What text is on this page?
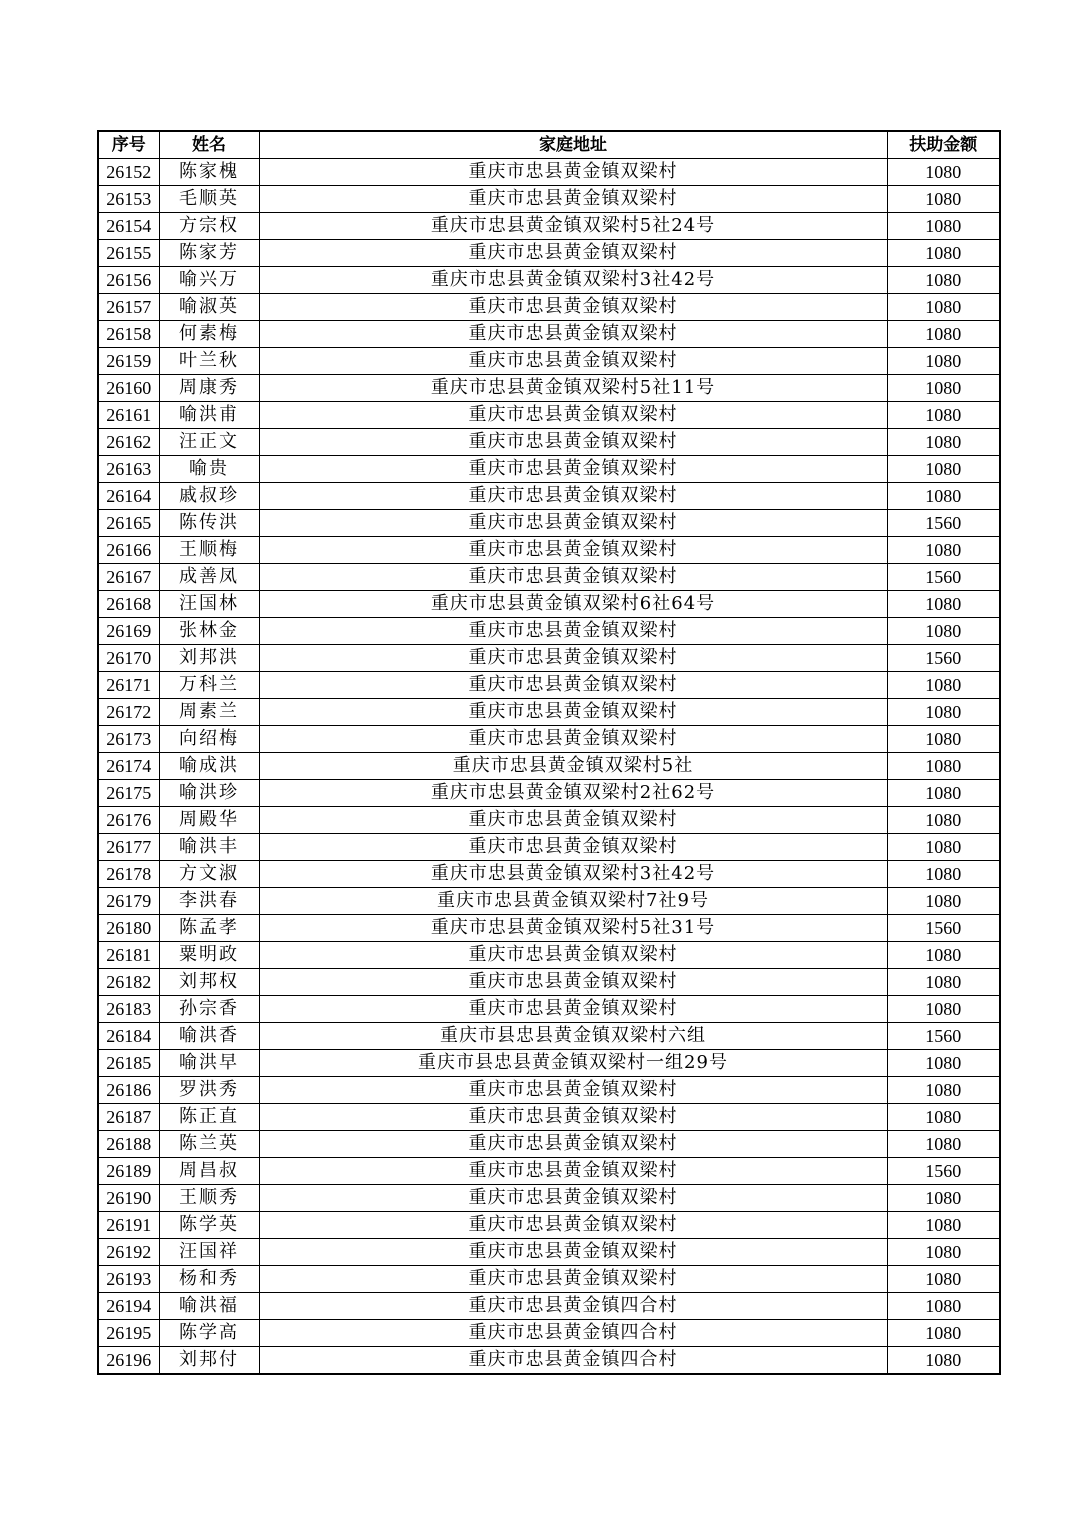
序号	姓名	家庭地址	扶助金额
26152	陈家槐	重庆市忠县黄金镇双梁村	1080
26153	毛顺英	重庆市忠县黄金镇双梁村	1080
26154	方宗权	重庆市忠县黄金镇双梁村5社24号	1080
26155	陈家芳	重庆市忠县黄金镇双梁村	1080
26156	喻兴万	重庆市忠县黄金镇双梁村3社42号	1080
26157	喻淑英	重庆市忠县黄金镇双梁村	1080
26158	何素梅	重庆市忠县黄金镇双梁村	1080
26159	叶兰秋	重庆市忠县黄金镇双梁村	1080
26160	周康秀	重庆市忠县黄金镇双梁村5社11号	1080
26161	喻洪甫	重庆市忠县黄金镇双梁村	1080
26162	汪正文	重庆市忠县黄金镇双梁村	1080
26163	喻贵	重庆市忠县黄金镇双梁村	1080
26164	戚叔珍	重庆市忠县黄金镇双梁村	1080
26165	陈传洪	重庆市忠县黄金镇双梁村	1560
26166	王顺梅	重庆市忠县黄金镇双梁村	1080
26167	成善凤	重庆市忠县黄金镇双梁村	1560
26168	汪国林	重庆市忠县黄金镇双梁村6社64号	1080
26169	张林金	重庆市忠县黄金镇双梁村	1080
26170	刘邦洪	重庆市忠县黄金镇双梁村	1560
26171	万科兰	重庆市忠县黄金镇双梁村	1080
26172	周素兰	重庆市忠县黄金镇双梁村	1080
26173	向绍梅	重庆市忠县黄金镇双梁村	1080
26174	喻成洪	重庆市忠县黄金镇双梁村5社	1080
26175	喻洪珍	重庆市忠县黄金镇双梁村2社62号	1080
26176	周殿华	重庆市忠县黄金镇双梁村	1080
26177	喻洪丰	重庆市忠县黄金镇双梁村	1080
26178	方文淑	重庆市忠县黄金镇双梁村3社42号	1080
26179	李洪春	重庆市忠县黄金镇双梁村7社9号	1080
26180	陈孟孝	重庆市忠县黄金镇双梁村5社31号	1560
26181	粟明政	重庆市忠县黄金镇双梁村	1080
26182	刘邦权	重庆市忠县黄金镇双梁村	1080
26183	孙宗香	重庆市忠县黄金镇双梁村	1080
26184	喻洪香	重庆市县忠县黄金镇双梁村六组	1560
26185	喻洪早	重庆市县忠县黄金镇双梁村一组29号	1080
26186	罗洪秀	重庆市忠县黄金镇双梁村	1080
26187	陈正直	重庆市忠县黄金镇双梁村	1080
26188	陈兰英	重庆市忠县黄金镇双梁村	1080
26189	周昌叔	重庆市忠县黄金镇双梁村	1560
26190	王顺秀	重庆市忠县黄金镇双梁村	1080
26191	陈学英	重庆市忠县黄金镇双梁村	1080
26192	汪国祥	重庆市忠县黄金镇双梁村	1080
26193	杨和秀	重庆市忠县黄金镇双梁村	1080
26194	喻洪福	重庆市忠县黄金镇四合村	1080
26195	陈学高	重庆市忠县黄金镇四合村	1080
26196	刘邦付	重庆市忠县黄金镇四合村	1080
